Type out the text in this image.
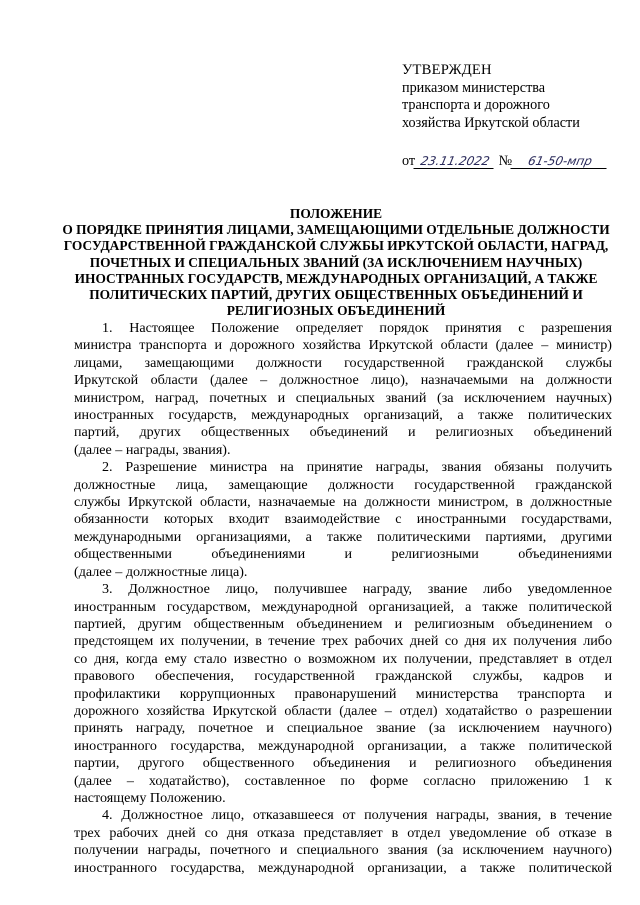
УТВЕРЖДЕН
приказом министерства
транспорта и дорожного
хозяйства Иркутской области
от 23.11.2022 № 61-50-мпр
ПОЛОЖЕНИЕ
О ПОРЯДКЕ ПРИНЯТИЯ ЛИЦАМИ, ЗАМЕЩАЮЩИМИ ОТДЕЛЬНЫЕ ДОЛЖНОСТИ
ГОСУДАРСТВЕННОЙ ГРАЖДАНСКОЙ СЛУЖБЫ ИРКУТСКОЙ ОБЛАСТИ, НАГРАД,
ПОЧЕТНЫХ И СПЕЦИАЛЬНЫХ ЗВАНИЙ (ЗА ИСКЛЮЧЕНИЕМ НАУЧНЫХ)
ИНОСТРАННЫХ ГОСУДАРСТВ, МЕЖДУНАРОДНЫХ ОРГАНИЗАЦИЙ, А ТАКЖЕ
ПОЛИТИЧЕСКИХ ПАРТИЙ, ДРУГИХ ОБЩЕСТВЕННЫХ ОБЪЕДИНЕНИЙ И
РЕЛИГИОЗНЫХ ОБЪЕДИНЕНИЙ
1. Настоящее Положение определяет порядок принятия с разрешения
министра транспорта и дорожного хозяйства Иркутской области (далее – министр)
лицами, замещающими должности государственной гражданской службы
Иркутской области (далее – должностное лицо), назначаемыми на должности
министром, наград, почетных и специальных званий (за исключением научных)
иностранных государств, международных организаций, а также политических
партий, других общественных объединений и религиозных объединений
(далее – награды, звания).
2. Разрешение министра на принятие награды, звания обязаны получить
должностные лица, замещающие должности государственной гражданской
службы Иркутской области, назначаемые на должности министром, в должностные
обязанности которых входит взаимодействие с иностранными государствами,
международными организациями, а также политическими партиями, другими
общественными объединениями и религиозными объединениями
(далее – должностные лица).
3. Должностное лицо, получившее награду, звание либо уведомленное
иностранным государством, международной организацией, а также политической
партией, другим общественным объединением и религиозным объединением о
предстоящем их получении, в течение трех рабочих дней со дня их получения либо
со дня, когда ему стало известно о возможном их получении, представляет в отдел
правового обеспечения, государственной гражданской службы, кадров и
профилактики коррупционных правонарушений министерства транспорта и
дорожного хозяйства Иркутской области (далее – отдел) ходатайство о разрешении
принять награду, почетное и специальное звание (за исключением научного)
иностранного государства, международной организации, а также политической
партии, другого общественного объединения и религиозного объединения
(далее – ходатайство), составленное по форме согласно приложению 1 к
настоящему Положению.
4. Должностное лицо, отказавшееся от получения награды, звания, в течение
трех рабочих дней со дня отказа представляет в отдел уведомление об отказе в
получении награды, почетного и специального звания (за исключением научного)
иностранного государства, международной организации, а также политической
